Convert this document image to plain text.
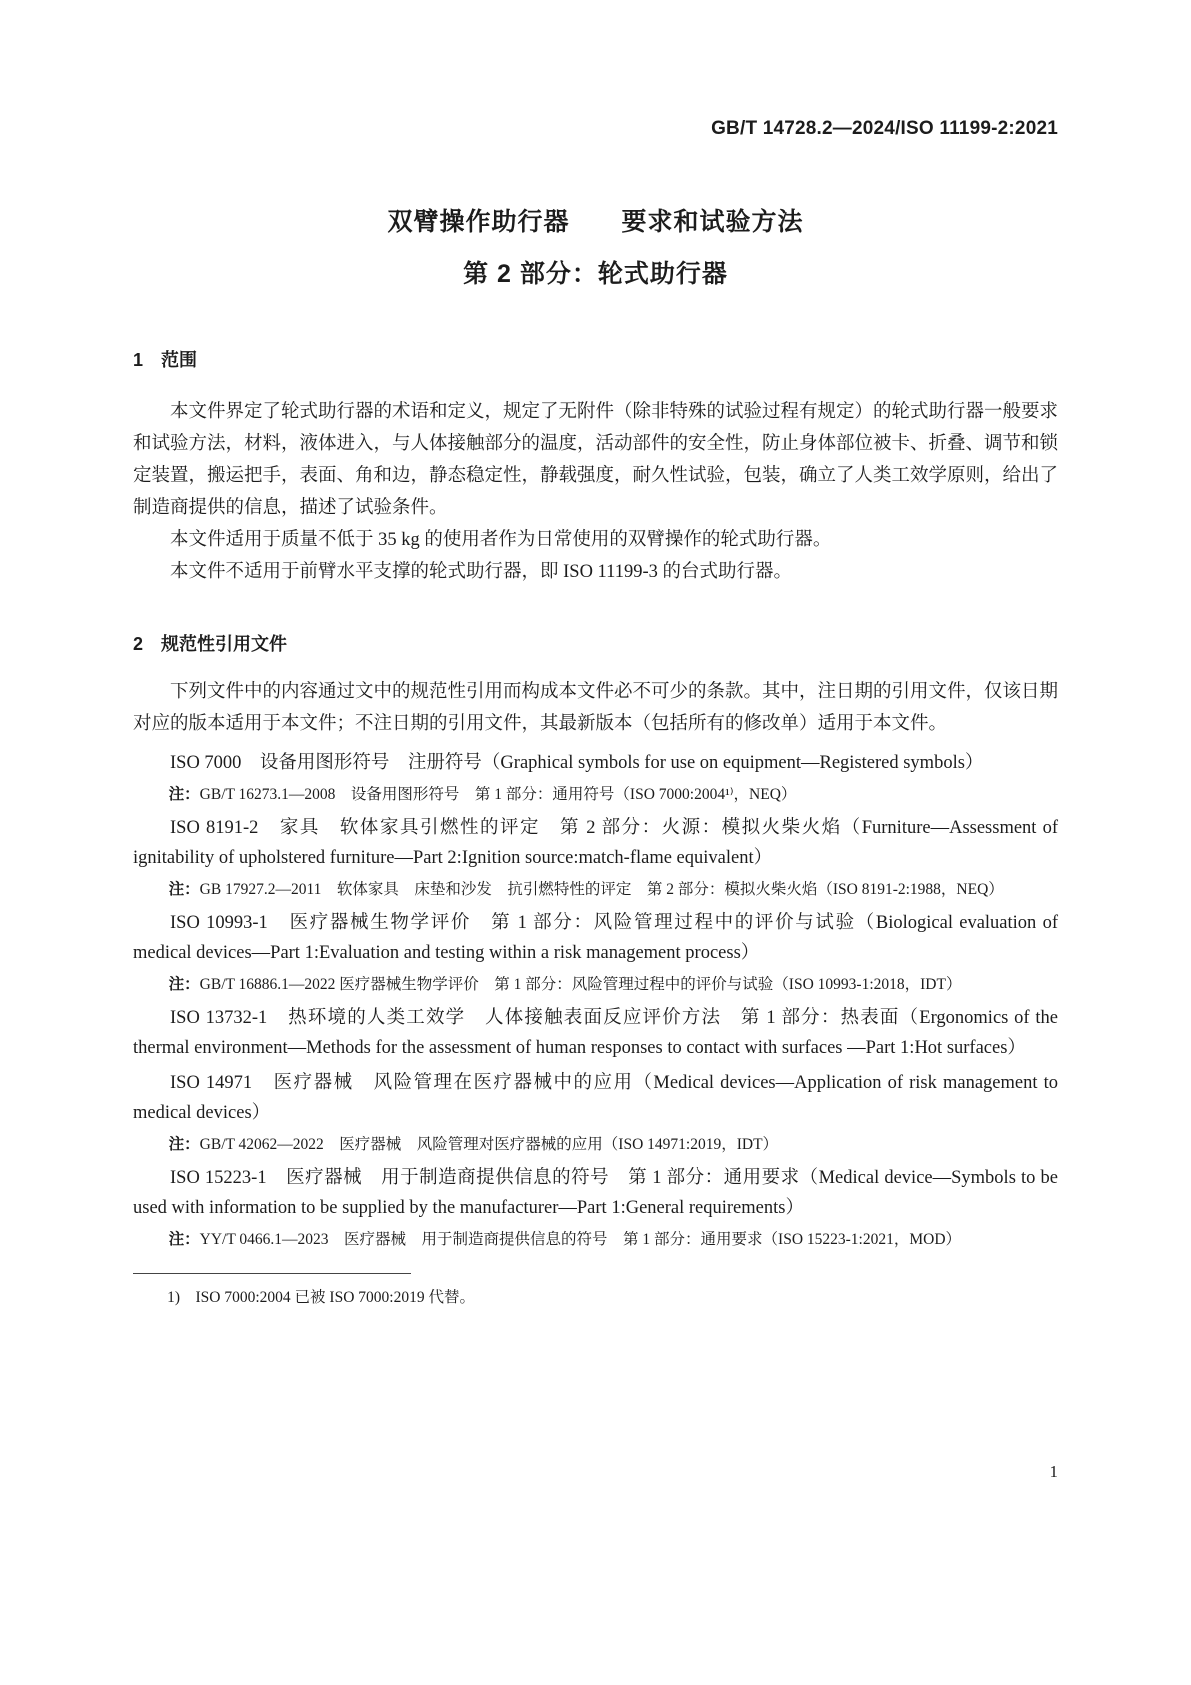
GB/T 14728.2—2024/ISO 11199-2:2021
双臂操作助行器　　要求和试验方法
第 2 部分：轮式助行器
1　范围

本文件界定了轮式助行器的术语和定义，规定了无附件（除非特殊的试验过程有规定）的轮式助行器一般要求和试验方法，材料，液体进入，与人体接触部分的温度，活动部件的安全性，防止身体部位被卡、折叠、调节和锁定装置，搬运把手，表面、角和边，静态稳定性，静载强度，耐久性试验，包装，确立了人类工效学原则，给出了制造商提供的信息，描述了试验条件。

本文件适用于质量不低于 35 kg 的使用者作为日常使用的双臂操作的轮式助行器。

本文件不适用于前臂水平支撑的轮式助行器，即 ISO 11199-3 的台式助行器。

2　规范性引用文件

下列文件中的内容通过文中的规范性引用而构成本文件必不可少的条款。其中，注日期的引用文件，仅该日期对应的版本适用于本文件；不注日期的引用文件，其最新版本（包括所有的修改单）适用于本文件。

ISO 7000　设备用图形符号　注册符号（Graphical symbols for use on equipment—Registered symbols）

注：GB/T 16273.1—2008　设备用图形符号　第 1 部分：通用符号（ISO 7000:2004¹⁾，NEQ）

ISO 8191-2　家具　软体家具引燃性的评定　第 2 部分：火源：模拟火柴火焰（Furniture—Assessment of ignitability of upholstered furniture—Part 2:Ignition source:match-flame equivalent）

注：GB 17927.2—2011　软体家具　床垫和沙发　抗引燃特性的评定　第 2 部分：模拟火柴火焰（ISO 8191-2:1988，NEQ）

ISO 10993-1　医疗器械生物学评价　第 1 部分：风险管理过程中的评价与试验（Biological evaluation of medical devices—Part 1:Evaluation and testing within a risk management process）

注：GB/T 16886.1—2022 医疗器械生物学评价　第 1 部分：风险管理过程中的评价与试验（ISO 10993-1:2018，IDT）

ISO 13732-1　热环境的人类工效学　人体接触表面反应评价方法　第 1 部分：热表面（Ergonomics of the thermal environment—Methods for the assessment of human responses to contact with surfaces —Part 1:Hot surfaces）

ISO 14971　医疗器械　风险管理在医疗器械中的应用（Medical devices—Application of risk management to medical devices）

注：GB/T 42062—2022　医疗器械　风险管理对医疗器械的应用（ISO 14971:2019，IDT）

ISO 15223-1　医疗器械　用于制造商提供信息的符号　第 1 部分：通用要求（Medical device—Symbols to be used with information to be supplied by the manufacturer—Part 1:General requirements）

注：YY/T 0466.1—2023　医疗器械　用于制造商提供信息的符号　第 1 部分：通用要求（ISO 15223-1:2021，MOD）

1)　ISO 7000:2004 已被 ISO 7000:2019 代替。
1
